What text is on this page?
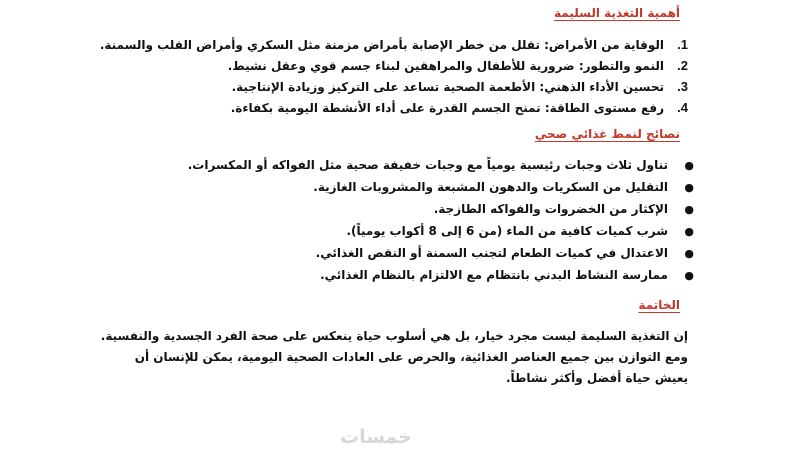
أهمية التغذية السليمة
1.
الوقاية من الأمراض: تقلل من خطر الإصابة بأمراض مزمنة مثل السكري وأمراض القلب والسمنة.
2.
النمو والتطور: ضرورية للأطفال والمراهقين لبناء جسم قوي وعقل نشيط.
3.
تحسين الأداء الذهني: الأطعمة الصحية تساعد على التركيز وزيادة الإنتاجية.
4.
رفع مستوى الطاقة: تمنح الجسم القدرة على أداء الأنشطة اليومية بكفاءة.
نصائح لنمط غذائي صحي
●
تناول ثلاث وجبات رئيسية يومياً مع وجبات خفيفة صحية مثل الفواكه أو المكسرات.
●
التقليل من السكريات والدهون المشبعة والمشروبات الغازية.
●
الإكثار من الخضروات والفواكه الطازجة.
●
شرب كميات كافية من الماء (من 6 إلى 8 أكواب يومياً).
●
الاعتدال في كميات الطعام لتجنب السمنة أو النقص الغذائي.
●
ممارسة النشاط البدني بانتظام مع الالتزام بالنظام الغذائي.
الخاتمة

إن التغذية السليمة ليست مجرد خيار، بل هي أسلوب حياة ينعكس على صحة الفرد الجسدية والنفسية. ومع التوازن بين جميع العناصر الغذائية، والحرص على العادات الصحية اليومية، يمكن للإنسان أن يعيش حياة أفضل وأكثر نشاطاً.

خمسات
